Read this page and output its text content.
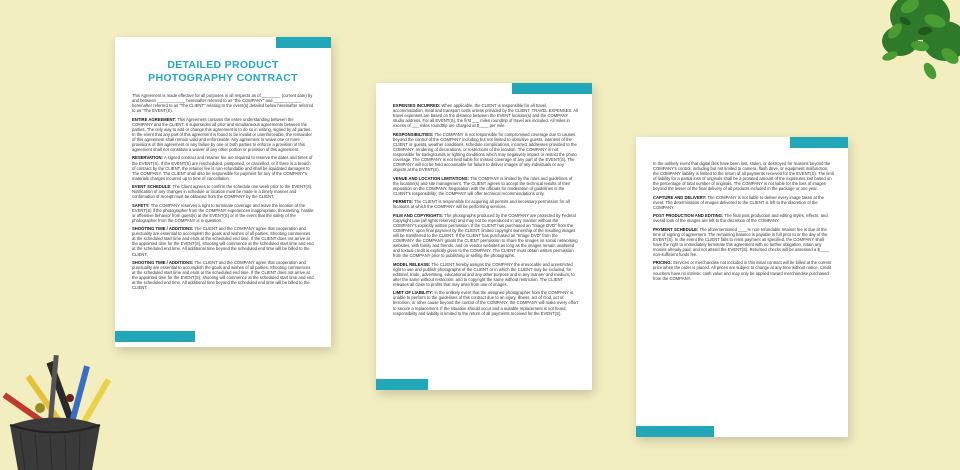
DETAILED PRODUCT
PHOTOGRAPHY CONTRACT

This Agreement is made effective for all purposes in all respects as of ________ (current date) by and between ____________ hereinafter referred to as "the COMPANY" and ____________ hereinafter referred to as "The CLIENT" relating to the event(s) detailed below hereinafter referred to as "The EVENT(S).

ENTIRE AGREEMENT: This Agreement contains the entire understanding between the COMPANY and the CLIENT. It supersedes all prior and simultaneous agreements between the parties. The only way to add or change this agreement is to do so in writing, signed by all parties. In the event that any part of this agreement is found to be invalid or unenforceable, the remainder of this agreement shall remain valid and enforceable. Any agreement to waive one or more provisions of this agreement or any failure by one or both parties to enforce a provision of this agreement shall not constitute a waiver of any other portion or provision of this agreement.

RESERVATION: A signed contract and retainer fee are required to reserve the dates and times of the EVENT(S). If the EVENT(S) are rescheduled, postponed, or cancelled, or if there is a breach of contract by the CLIENT, the retainer fee is non-refundable and shall be liquidated damages to The COMPANY. The CLIENT shall also be responsible for payment for any of the COMPANY's materials charges incurred up to time of cancellation.

EVENT SCHEDULE: The Client agrees to confirm the schedule one week prior to the EVENT(S). Notification of any changes in schedule or location must be made in a timely manner and confirmation of receipt must be obtained from the COMPANY by the CLIENT.

SAFETY: The COMPANY reserves a right to terminate coverage and leave the location of the EVENT(S) if the photographer from the COMPANY experiences inappropriate, threatening, hostile or offensive behavior from guest(s) at the EVENT(S) or in the event that the safety of the photographer from the COMPANY is in question.

SHOOTING TIME / ADDITIONS: The CLIENT and the COMPANY agree that cooperation and punctuality are essential to accomplish the goals and wishes of all parties. Shooting commences at the scheduled start time and ends at the scheduled end time. If the CLIENT does not arrive at the appointed time for the EVENT(S), shooting will commence at the scheduled start time and end at the scheduled end time. All additional time beyond the scheduled end time will be billed to the CLIENT.

SHOOTING TIME / ADDITIONS: The CLIENT and the COMPANY agree that cooperation and punctuality are essential to accomplish the goals and wishes of all parties. Shooting commences at the scheduled start time and ends at the scheduled end time. If the CLIENT does not arrive at the appointed time for the EVENT(S), shooting will commence at the scheduled start time and end at the scheduled end time. All additional time beyond the scheduled end time will be billed to the CLIENT.

EXPENSES INCURRED: When applicable, the CLIENT is responsible for all travel, accommodation, meal and transport costs unless provided by the CLIENT. TRAVEL EXPENSES: All travel expenses are based on the distance between the EVENT location(s) and the COMPANY studio address. For all EVENT(S), the first ___ miles roundtrip of travel are included. All miles in excess of ___ miles roundtrip are charged at $____ per mile.

RESPONSIBILITIES: The COMPANY is not responsible for compromised coverage due to causes beyond the control of the COMPANY including but not limited to obtrusive guests, lateness of the CLIENT or guests, weather conditions, schedule complications, incorrect addresses provided to the COMPANY, rendering of decorations, or restrictions of the location. The COMPANY is not responsible for backgrounds or lighting conditions which may negatively impact or restrict the photo coverage. The COMPANY is not held liable for missed coverage of any part of the EVENT(S). The COMPANY will not be held accountable for failure to deliver images of any individuals or any objects at the EVENT(S).

VENUE AND LOCATION LIMITATIONS: The COMPANY is limited by the rules and guidelines of the location(s) and site management. The CLIENT agrees to accept the technical results of their imposition on the COMPANY. Negotiation with the officials for moderation of guidelines is the CLIENT's responsibility; the COMPANY will offer technical recommendations only.

PERMITS: The CLIENT is responsible for acquiring all permits and necessary permission for all locations at which the COMPANY will be performing services.

FILM AND COPYRIGHTS: The photographs produced by the COMPANY are protected by Federal Copyright Law (all rights reserved) and may not be reproduced in any manner without the COMPANY's explicitly written permission. If the CLIENT has purchased an "Image DVD" from the COMPANY, upon final payment by the CLIENT, limited copyright ownership of the resulting images will be transferred to the CLIENT. If the CLIENT has purchased an "Image DVD" from the COMPANY, the COMPANY grants the CLIENT permission to share the images on social networking websites, with family and friends, and on vendor websites as long as the images remain unaltered and textual credit is explicitly given to the COMPANY. The CLIENT must obtain written permission from the COMPANY prior to publishing or selling the photographs.

MODEL RELEASE: The CLIENT hereby assigns the COMPANY the irrevocable and unrestricted right to use and publish photographs of the CLIENT or in which the CLIENT may be included, for editorial, trade, advertising, educational and any other purpose and in any manner and medium; to alter the same without restriction; and to copyright the same without restriction. The CLIENT releases all claim to profits that may arise from use of images.

LIMIT OF LIABILITY: In the unlikely event that the assigned photographer from the COMPANY is unable to perform to the guidelines of this contract due to an injury, illness, act of God, act of terrorism, or other cause beyond the control of the COMPANY, the COMPANY will make every effort to secure a replacement. If the situation should occur and a suitable replacement is not found, responsibility and liability is limited to the return of all payments received for the EVENT(S).

In the unlikely event that digital files have been lost, stolen, or destroyed for reasons beyond the COMPANY's control, including but not limited to camera, flash drive, or equipment malfunction, the COMPANY liability is limited to the return of all payments received for the EVENT(S). The limit of liability for a partial loss of originals shall be a prorated amount of the exposures lost based on the percentage of total number of originals. The COMPANY is not liable for the loss of images beyond the lesser of the final delivery of all products included in the package or one year.

CAPTURE AND DELIVERY: The COMPANY is not liable to deliver every image taken at the event. The determination of images delivered to the CLIENT is left to the discretion of the COMPANY.

POST PRODUCTION AND EDITING: The final post production and editing styles, effects, and overall look of the images are left to the discretion of the COMPANY.

PAYMENT SCHEDULE: The aforementioned ____% non-refundable retainer fee is due at the time of signing of agreement. The remaining balance is payable in full prior to or the day of the EVENT(S). In the event the CLIENT fails to remit payment as specified, the COMPANY shall have the right to immediately terminate this agreement with no further obligation, retain any monies already paid, and not attend the EVENT(S). Returned checks will be assessed a $____ non-sufficient funds fee.

PRICING: Services or merchandise not included in this initial contract will be billed at the current price when the order is placed. All prices are subject to change at any time without notice. Credit vouchers have no intrinsic cash value and may only be applied toward merchandise purchased from the COMPANY.
